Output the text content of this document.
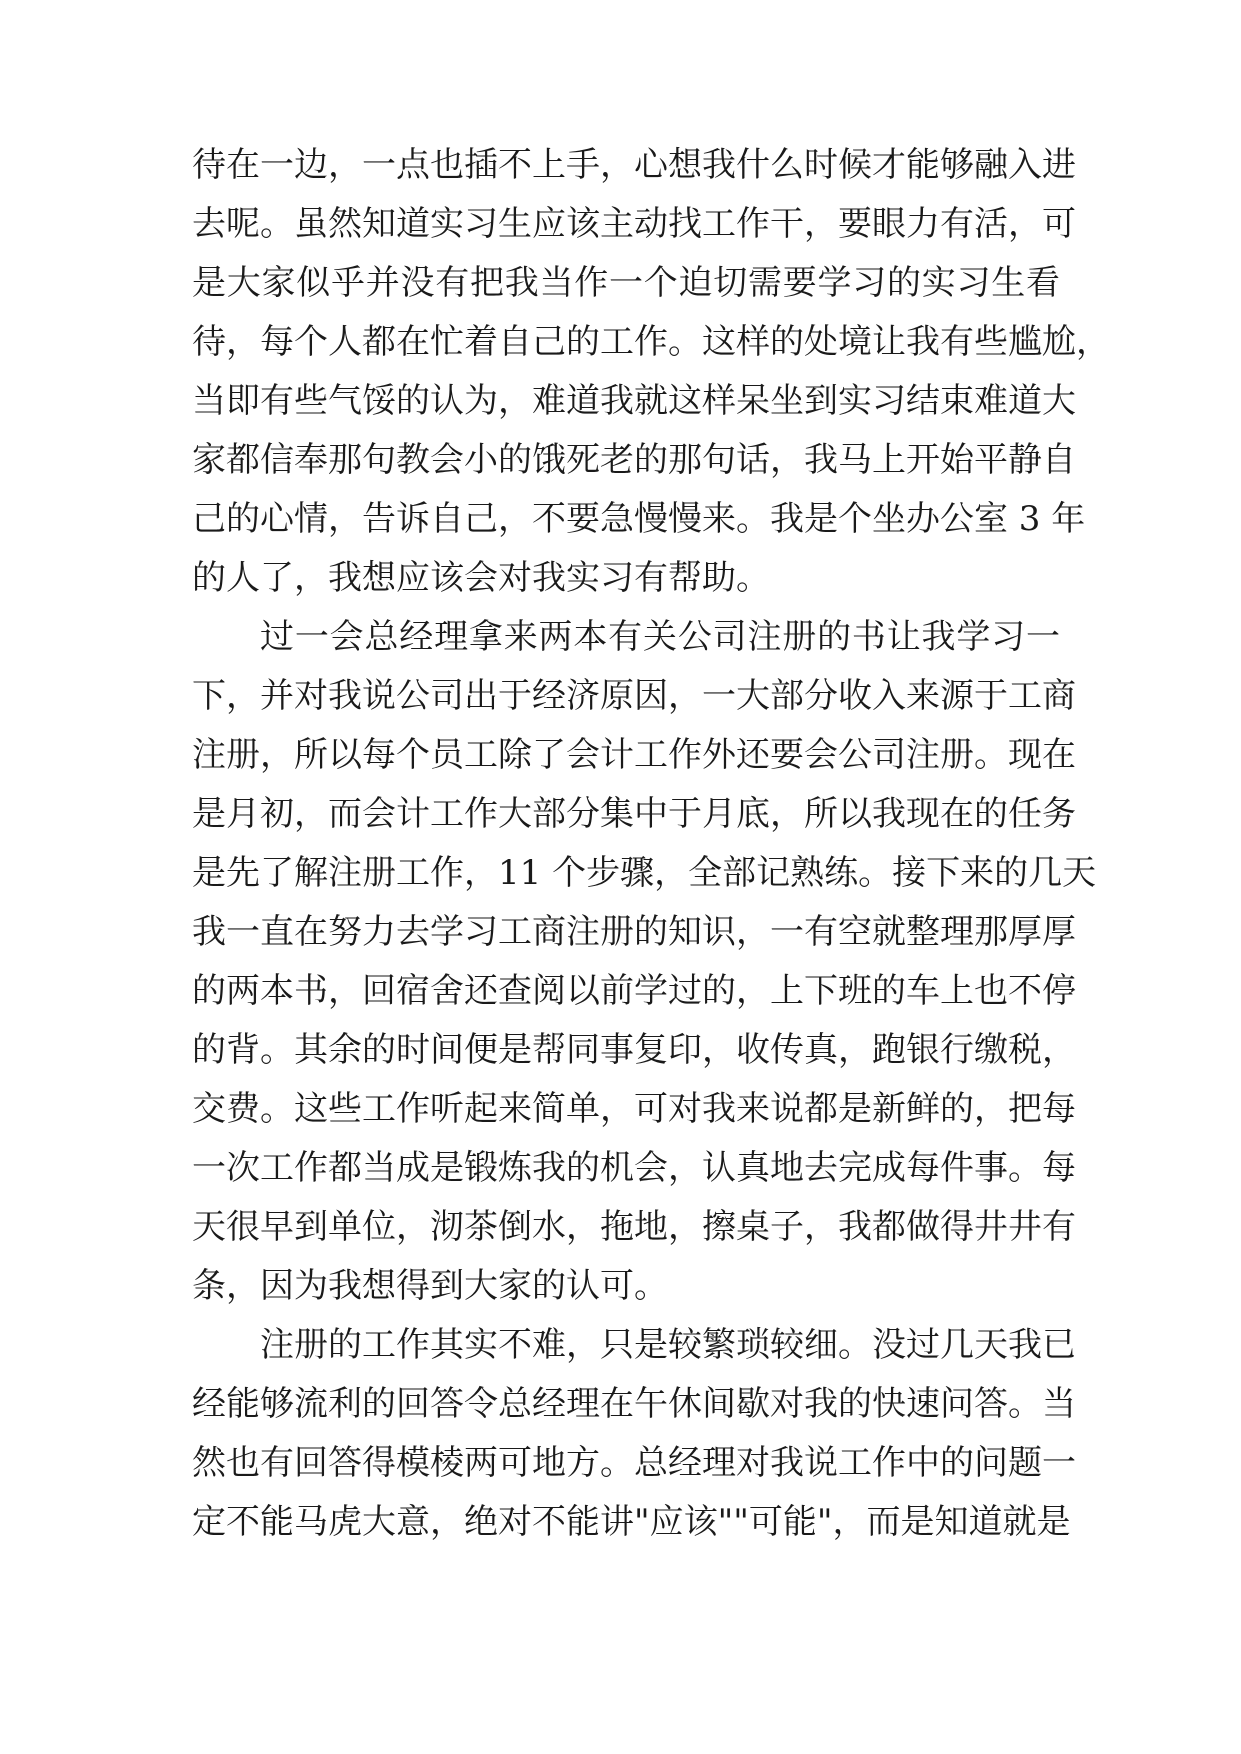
待在一边，一点也插不上手，心想我什么时候才能够融入进
去呢。虽然知道实习生应该主动找工作干，要眼力有活，可
是大家似乎并没有把我当作一个迫切需要学习的实习生看
待，每个人都在忙着自己的工作。这样的处境让我有些尴尬，
当即有些气馁的认为，难道我就这样呆坐到实习结束难道大
家都信奉那句教会小的饿死老的那句话，我马上开始平静自
己的心情，告诉自己，不要急慢慢来。我是个坐办公室 3 年
的人了，我想应该会对我实习有帮助。
过一会总经理拿来两本有关公司注册的书让我学习一
下，并对我说公司出于经济原因，一大部分收入来源于工商
注册，所以每个员工除了会计工作外还要会公司注册。现在
是月初，而会计工作大部分集中于月底，所以我现在的任务
是先了解注册工作，11 个步骤，全部记熟练。接下来的几天
我一直在努力去学习工商注册的知识，一有空就整理那厚厚
的两本书，回宿舍还查阅以前学过的，上下班的车上也不停
的背。其余的时间便是帮同事复印，收传真，跑银行缴税，
交费。这些工作听起来简单，可对我来说都是新鲜的，把每
一次工作都当成是锻炼我的机会，认真地去完成每件事。每
天很早到单位，沏茶倒水，拖地，擦桌子，我都做得井井有
条，因为我想得到大家的认可。
注册的工作其实不难，只是较繁琐较细。没过几天我已
经能够流利的回答令总经理在午休间歇对我的快速问答。当
然也有回答得模棱两可地方。总经理对我说工作中的问题一
定不能马虎大意，绝对不能讲"应该""可能"，而是知道就是
